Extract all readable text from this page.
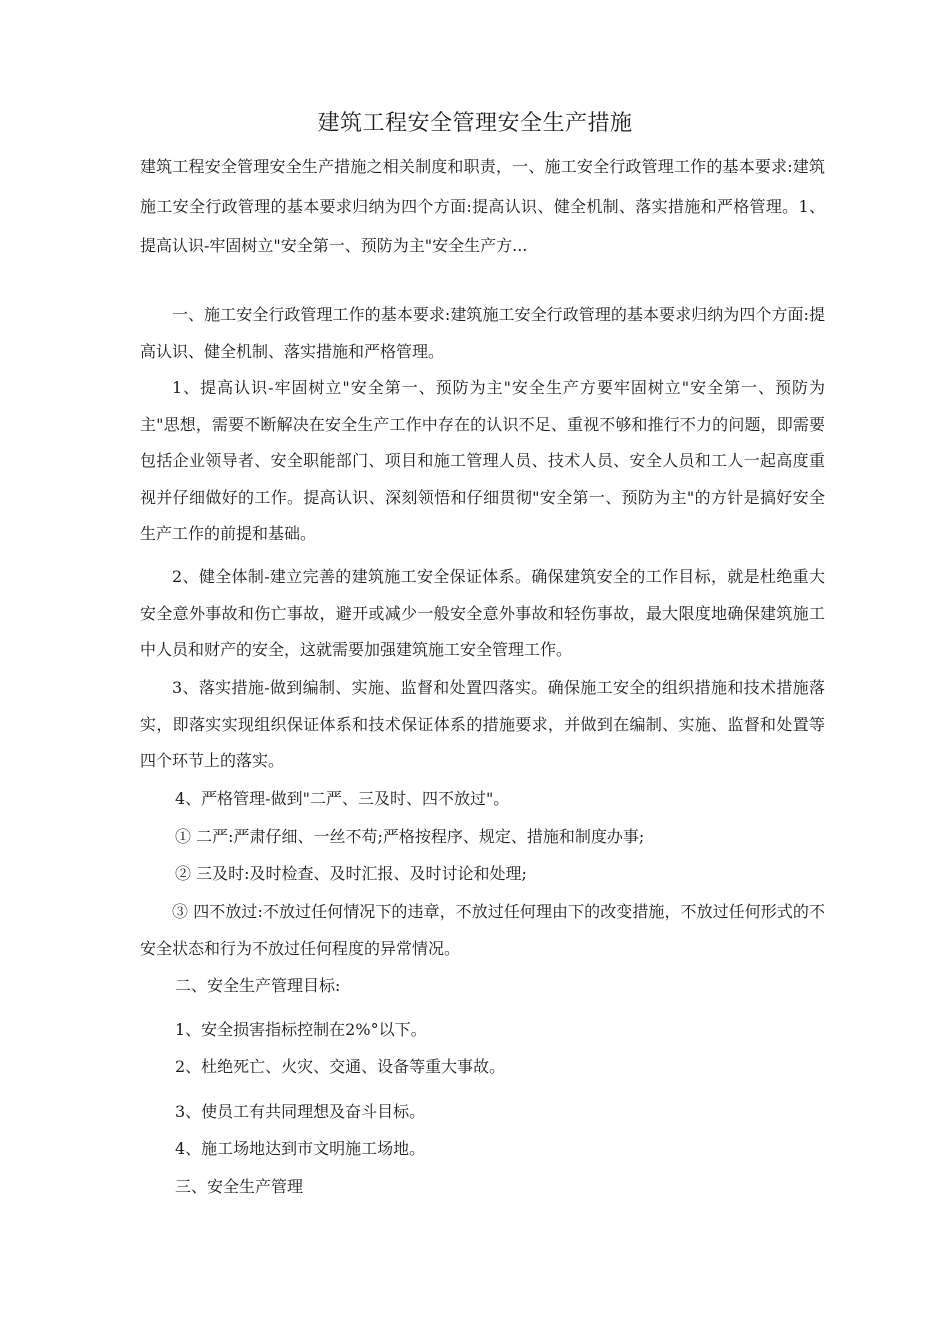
建筑工程安全管理安全生产措施

建筑工程安全管理安全生产措施之相关制度和职责，一、施工安全行政管理工作的基本要求:建筑施工安全行政管理的基本要求归纳为四个方面:提高认识、健全机制、落实措施和严格管理。1、提高认识-牢固树立"安全第一、预防为主"安全生产方...

一、施工安全行政管理工作的基本要求:建筑施工安全行政管理的基本要求归纳为四个方面:提高认识、健全机制、落实措施和严格管理。

1、提高认识-牢固树立"安全第一、预防为主"安全生产方要牢固树立"安全第一、预防为主"思想，需要不断解决在安全生产工作中存在的认识不足、重视不够和推行不力的问题，即需要包括企业领导者、安全职能部门、项目和施工管理人员、技术人员、安全人员和工人一起高度重视并仔细做好的工作。提高认识、深刻领悟和仔细贯彻"安全第一、预防为主"的方针是搞好安全生产工作的前提和基础。

2、健全体制-建立完善的建筑施工安全保证体系。确保建筑安全的工作目标，就是杜绝重大安全意外事故和伤亡事故，避开或减少一般安全意外事故和轻伤事故，最大限度地确保建筑施工中人员和财产的安全，这就需要加强建筑施工安全管理工作。

3、落实措施-做到编制、实施、监督和处置四落实。确保施工安全的组织措施和技术措施落实，即落实实现组织保证体系和技术保证体系的措施要求，并做到在编制、实施、监督和处置等四个环节上的落实。

4、严格管理-做到"二严、三及时、四不放过"。

① 二严:严肃仔细、一丝不苟;严格按程序、规定、措施和制度办事;

② 三及时:及时检查、及时汇报、及时讨论和处理;

③ 四不放过:不放过任何情况下的违章，不放过任何理由下的改变措施，不放过任何形式的不安全状态和行为不放过任何程度的异常情况。

二、安全生产管理目标:

1、安全损害指标控制在2%°以下。

2、杜绝死亡、火灾、交通、设备等重大事故。

3、使员工有共同理想及奋斗目标。

4、施工场地达到市文明施工场地。

三、安全生产管理
